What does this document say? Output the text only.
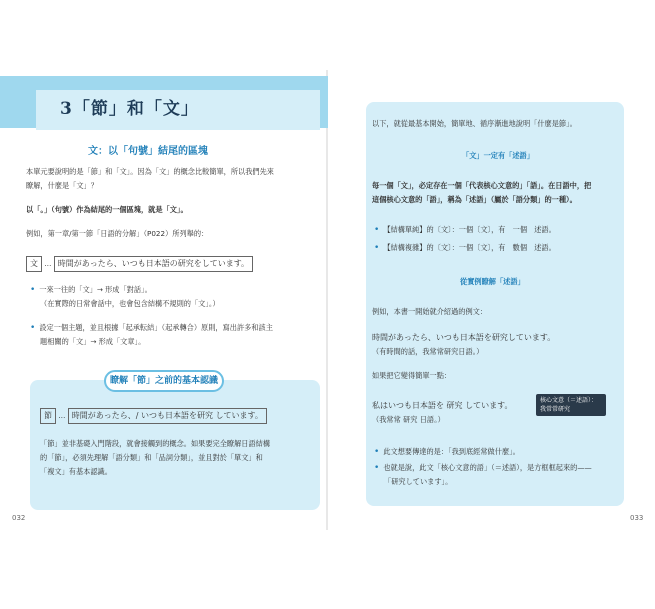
3「節」和「文」
文：以「句號」結尾的區塊
本單元要說明的是「節」和「文」。因為「文」的概念比較簡單，所以我們先來
瞭解，什麼是「文」？
以「。」（句號）作為結尾的一個區塊，就是「文」。
例如，第一章/第一節「日語的分解」（P022）所列舉的：
文 … 時間があったら、いつも日本語の研究をしています。
• 一來一往的「文」→ 形成「對話」。
（在實際的日常會話中，也會包含結構不規則的「文」。）
• 設定一個主題，並且根據「起承転結」（起承轉合）原則，寫出許多和該主
題相關的「文」→ 形成「文章」。
瞭解「節」之前的基本認識
節 … 時間があったら、/ いつも日本語を研究 しています。
「節」並非基礎入門階段，就會接觸到的概念。如果要完全瞭解日語結構
的「節」，必須先理解「語分類」和「品詞分類」，並且對於「單文」和
「複文」有基本認識。
032
以下，就從最基本開始，簡單地、循序漸進地說明「什麼是節」。
「文」一定有「述語」
每一個「文」，必定存在一個「代表核心文意的」「語」。在日語中，把
這個核心文意的「語」，稱為「述語」（屬於「語分類」的一種）。
• 【結構單純】的〔文〕：一個〔文〕，有　一個　述語。
• 【結構複雜】的〔文〕：一個〔文〕，有　數個　述語。
從實例瞭解「述語」
例如，本書一開始就介紹過的例文：
時間があったら、いつも日本語を研究しています。
（有時間的話，我常常研究日語。）
如果把它變得簡單一點：
私はいつも日本語を 研究 しています。
（我常常 研究 日語。）
核心文意（＝述語）：我常常研究
• 此文想要傳達的是：「我到底經常做什麼」。
• 也就是說，此文「核心文意的語」（＝述語），是方框框起來的——
「研究しています」。
033
